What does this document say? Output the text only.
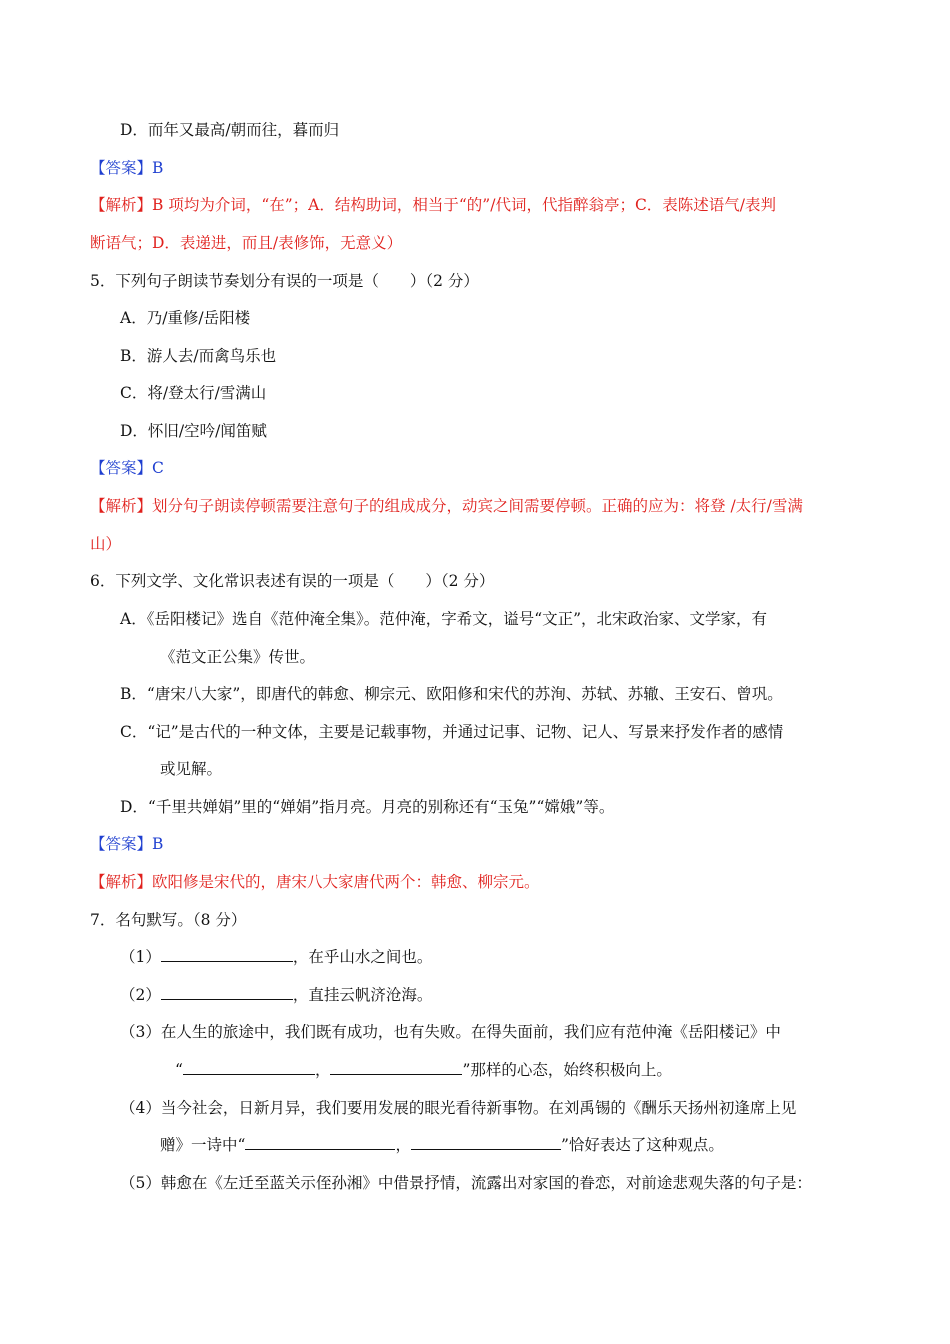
D．而年又最高/朝而往，暮而归
【答案】B
【解析】B 项均为介词，“在”；A．结构助词，相当于“的”/代词，代指醉翁亭；C．表陈述语气/表判
断语气；D．表递进，而且/表修饰，无意义）
5．下列句子朗读节奏划分有误的一项是（　　）（2 分）
A．乃/重修/岳阳楼
B．游人去/而禽鸟乐也
C．将/登太行/雪满山
D．怀旧/空吟/闻笛赋
【答案】C
【解析】划分句子朗读停顿需要注意句子的组成成分，动宾之间需要停顿。正确的应为：将登 /太行/雪满
山）
6．下列文学、文化常识表述有误的一项是（　　）（2 分）
A．《岳阳楼记》选自《范仲淹全集》。范仲淹，字希文，谥号“文正”，北宋政治家、文学家，有
《范文正公集》传世。
B．“唐宋八大家”，即唐代的韩愈、柳宗元、欧阳修和宋代的苏洵、苏轼、苏辙、王安石、曾巩。
C．“记”是古代的一种文体，主要是记载事物，并通过记事、记物、记人、写景来抒发作者的感情
或见解。
D．“千里共婵娟”里的“婵娟”指月亮。月亮的别称还有“玉兔”“嫦娥”等。
【答案】B
【解析】欧阳修是宋代的，唐宋八大家唐代两个：韩愈、柳宗元。
7．名句默写。（8 分）
（1）	，在乎山水之间也。
（2）	，直挂云帆济沧海。
（3）在人生的旅途中，我们既有成功，也有失败。在得失面前，我们应有范仲淹《岳阳楼记》中
“	，	”那样的心态，始终积极向上。
（4）当今社会，日新月异，我们要用发展的眼光看待新事物。在刘禹锡的《酬乐天扬州初逢席上见
赠》一诗中“	，	”恰好表达了这种观点。
（5）韩愈在《左迁至蓝关示侄孙湘》中借景抒情，流露出对家国的眷恋，对前途悲观失落的句子是：
